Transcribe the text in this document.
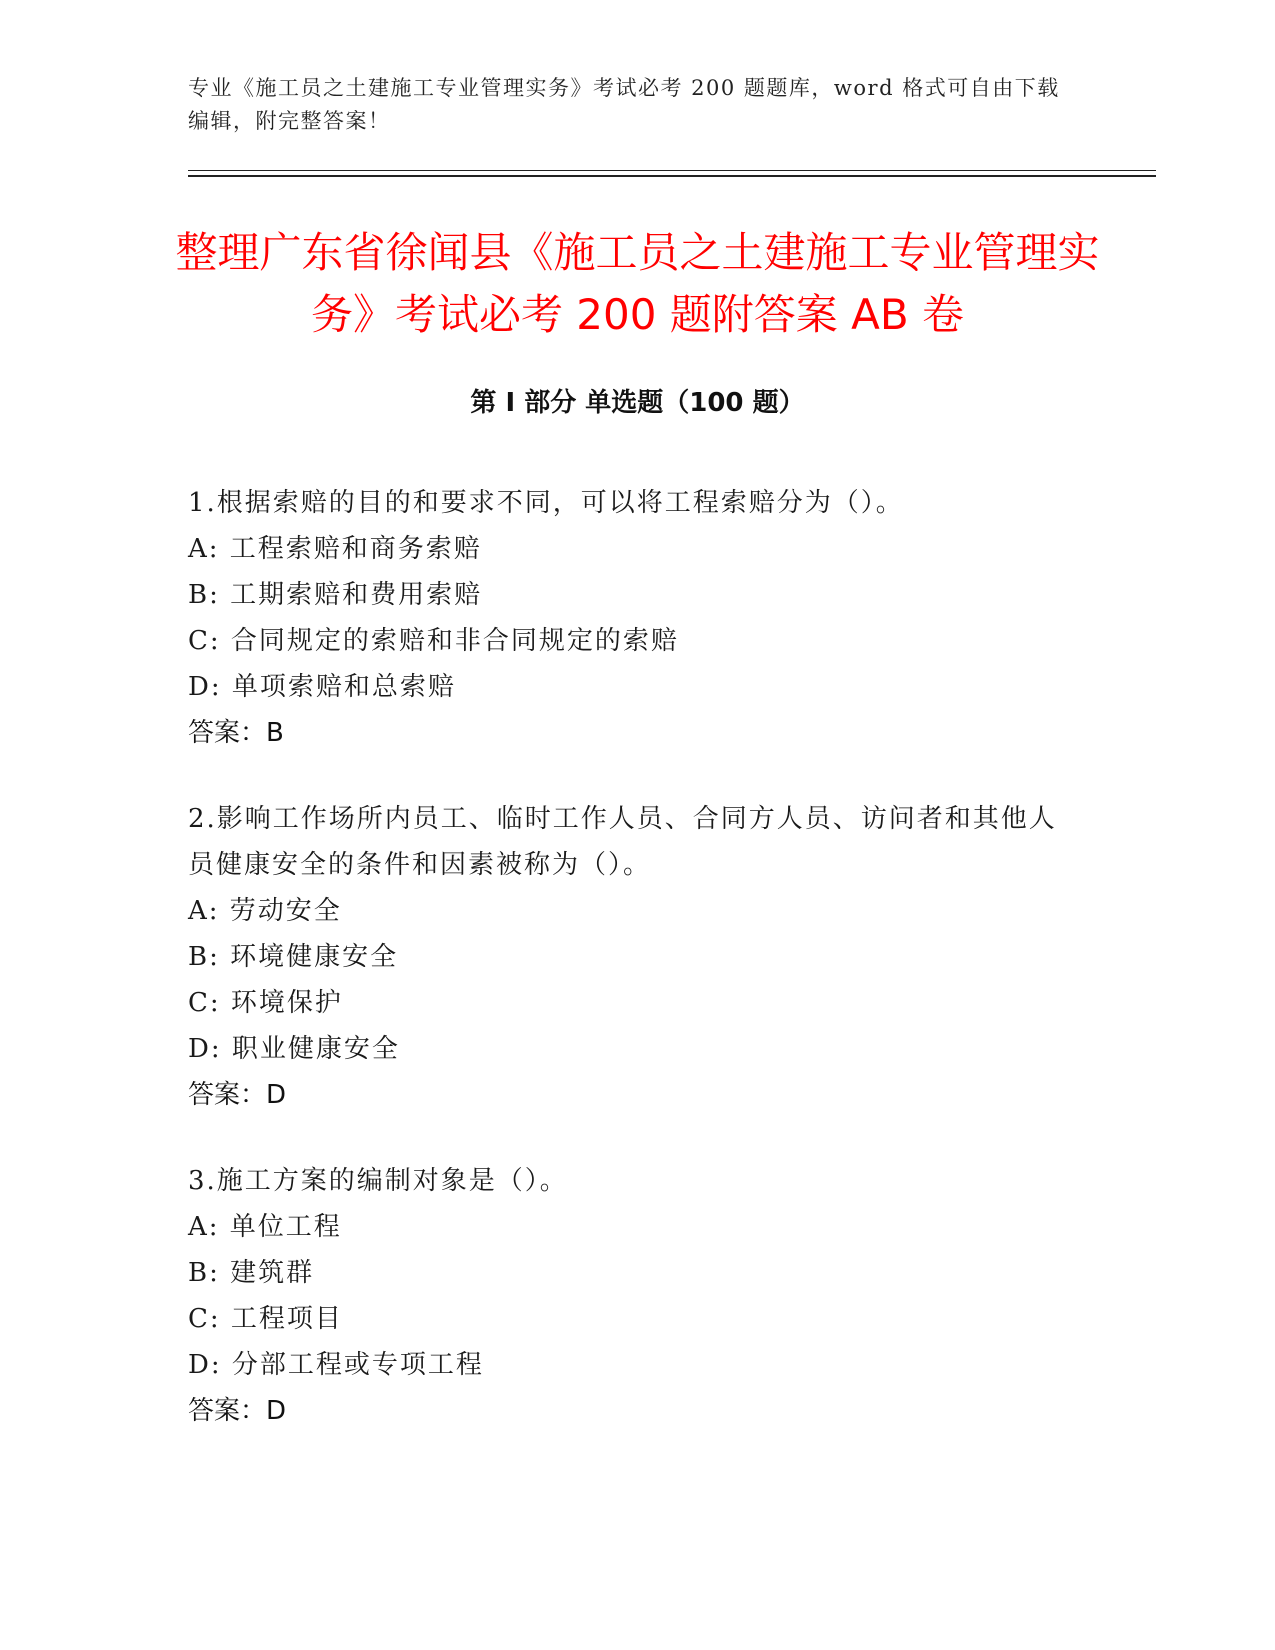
专业《施工员之土建施工专业管理实务》考试必考 200 题题库，word 格式可自由下载编辑，附完整答案！
整理广东省徐闻县《施工员之土建施工专业管理实务》考试必考 200 题附答案 AB 卷
第 I 部分 单选题（100 题）

1.根据索赔的目的和要求不同，可以将工程索赔分为（）。

A: 工程索赔和商务索赔

B: 工期索赔和费用索赔

C: 合同规定的索赔和非合同规定的索赔

D: 单项索赔和总索赔

答案：B

2.影响工作场所内员工、临时工作人员、合同方人员、访问者和其他人员健康安全的条件和因素被称为（）。

A: 劳动安全

B: 环境健康安全

C: 环境保护

D: 职业健康安全

答案：D

3.施工方案的编制对象是（）。

A: 单位工程

B: 建筑群

C: 工程项目

D: 分部工程或专项工程

答案：D
